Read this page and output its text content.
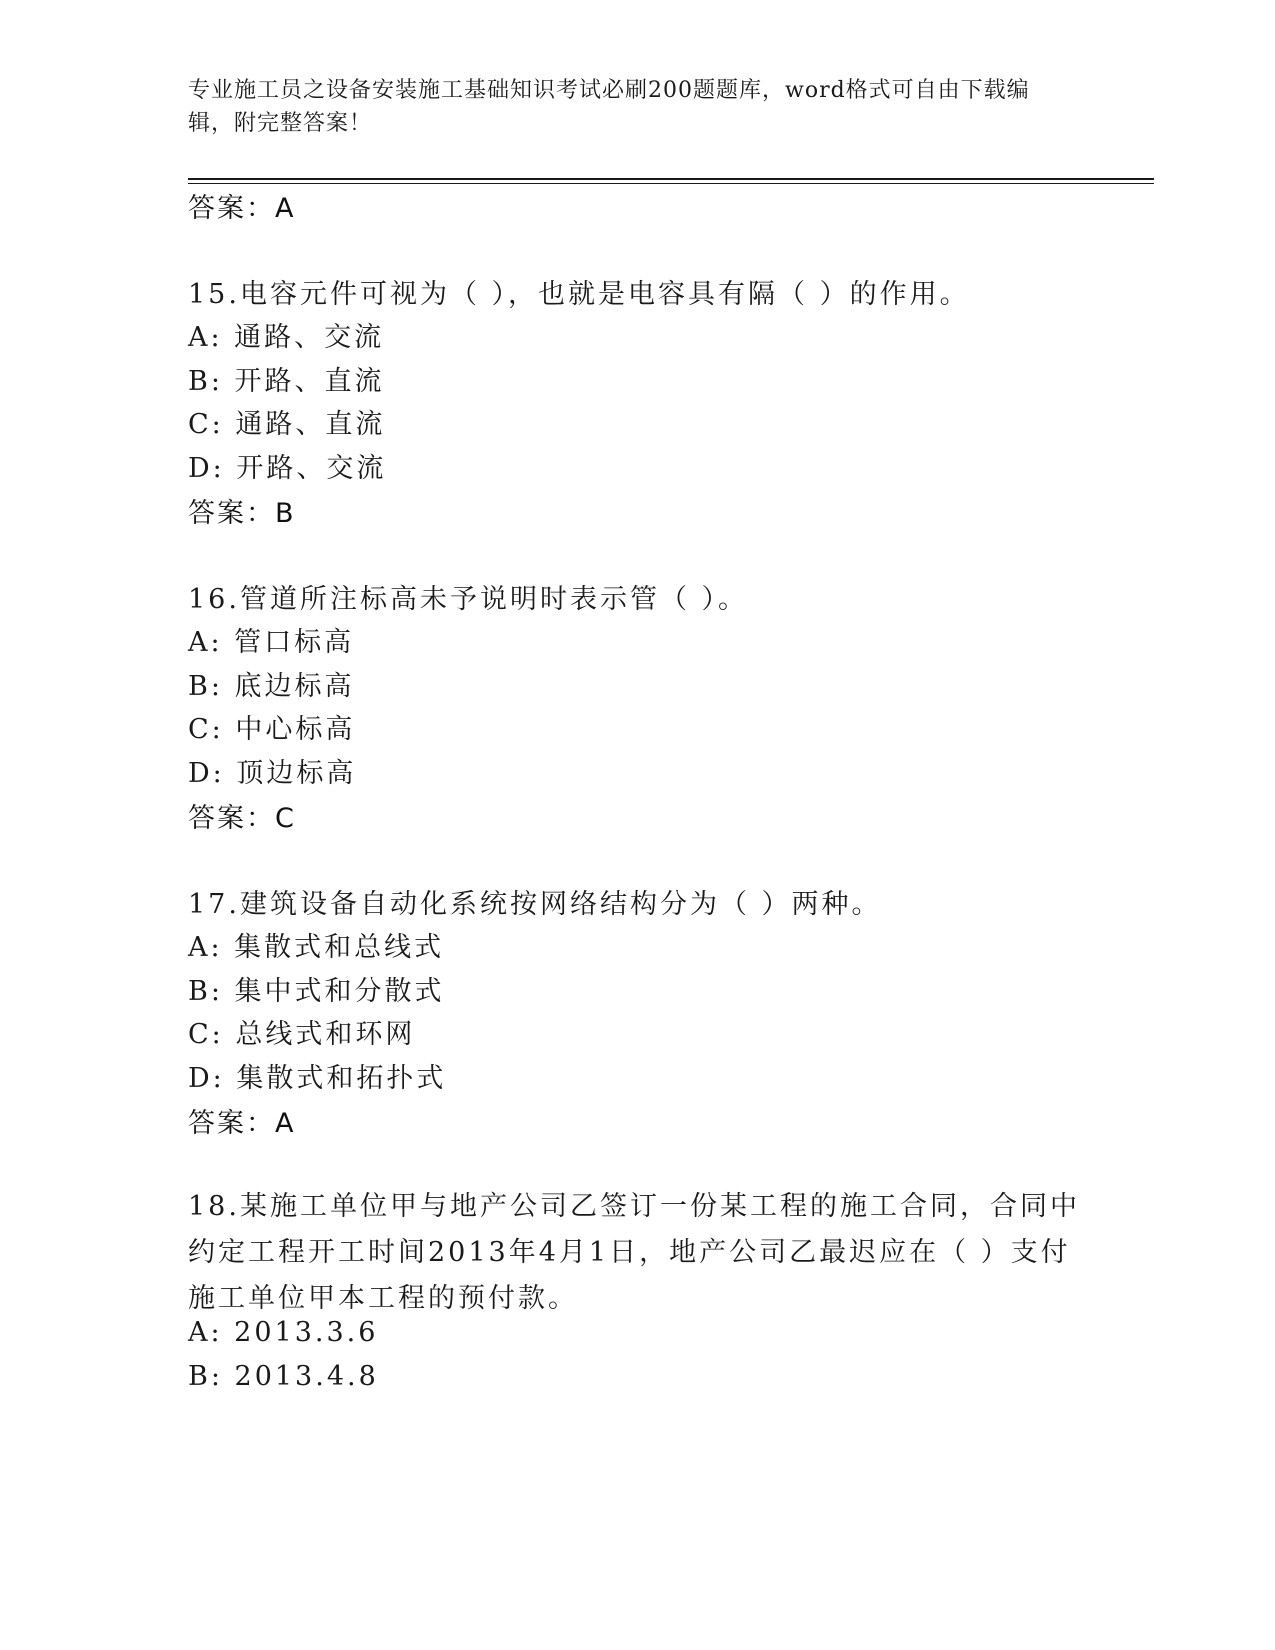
专业施工员之设备安装施工基础知识考试必刷200题题库，word格式可自由下载编辑，附完整答案！
答案：A
15.电容元件可视为（ ），也就是电容具有隔（ ）的作用。
A: 通路、交流
B: 开路、直流
C: 通路、直流
D: 开路、交流
答案：B
16.管道所注标高未予说明时表示管（ ）。
A: 管口标高
B: 底边标高
C: 中心标高
D: 顶边标高
答案：C
17.建筑设备自动化系统按网络结构分为（ ）两种。
A: 集散式和总线式
B: 集中式和分散式
C: 总线式和环网
D: 集散式和拓扑式
答案：A
18.某施工单位甲与地产公司乙签订一份某工程的施工合同，合同中约定工程开工时间2013年4月1日，地产公司乙最迟应在（ ）支付施工单位甲本工程的预付款。
A: 2013.3.6
B: 2013.4.8
